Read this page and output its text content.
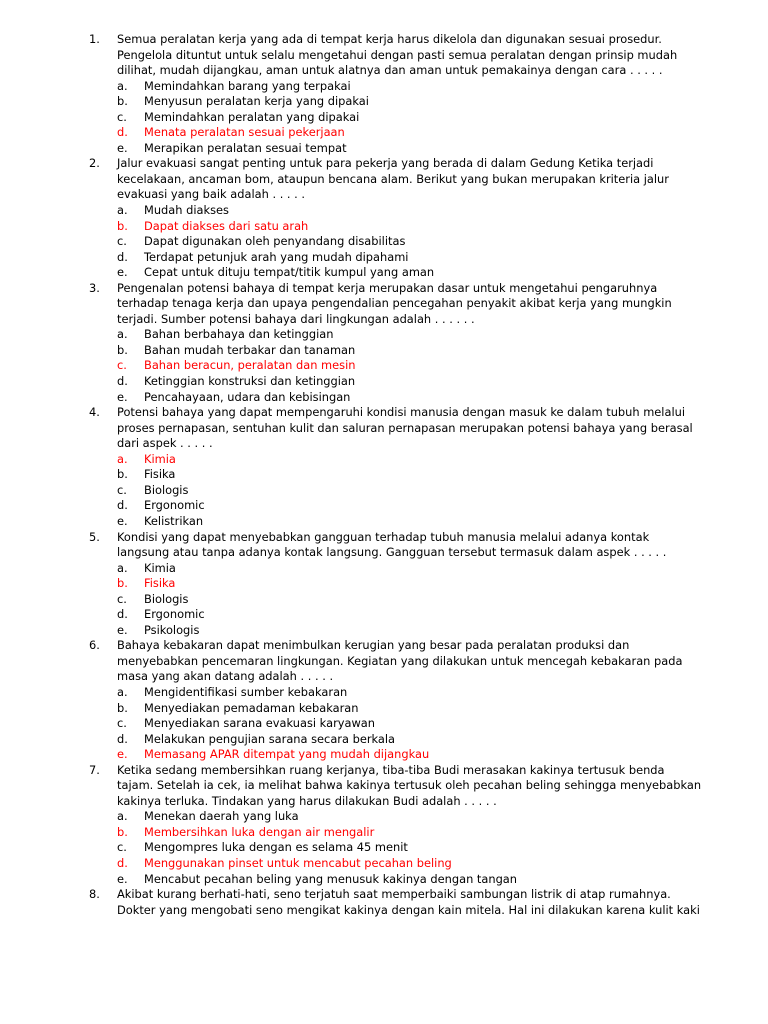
1. Semua peralatan kerja yang ada di tempat kerja harus dikelola dan digunakan sesuai prosedur.
Pengelola dituntut untuk selalu mengetahui dengan pasti semua peralatan dengan prinsip mudah
dilihat, mudah dijangkau, aman untuk alatnya dan aman untuk pemakainya dengan cara . . . . .
a. Memindahkan barang yang terpakai
b. Menyusun peralatan kerja yang dipakai
c. Memindahkan peralatan yang dipakai
d. Menata peralatan sesuai pekerjaan
e. Merapikan peralatan sesuai tempat
2. Jalur evakuasi sangat penting untuk para pekerja yang berada di dalam Gedung Ketika terjadi
kecelakaan, ancaman bom, ataupun bencana alam. Berikut yang bukan merupakan kriteria jalur
evakuasi yang baik adalah . . . . .
a. Mudah diakses
b. Dapat diakses dari satu arah
c. Dapat digunakan oleh penyandang disabilitas
d. Terdapat petunjuk arah yang mudah dipahami
e. Cepat untuk dituju tempat/titik kumpul yang aman
3. Pengenalan potensi bahaya di tempat kerja merupakan dasar untuk mengetahui pengaruhnya
terhadap tenaga kerja dan upaya pengendalian pencegahan penyakit akibat kerja yang mungkin
terjadi. Sumber potensi bahaya dari lingkungan adalah . . . . . .
a. Bahan berbahaya dan ketinggian
b. Bahan mudah terbakar dan tanaman
c. Bahan beracun, peralatan dan mesin
d. Ketinggian konstruksi dan ketinggian
e. Pencahayaan, udara dan kebisingan
4. Potensi bahaya yang dapat mempengaruhi kondisi manusia dengan masuk ke dalam tubuh melalui
proses pernapasan, sentuhan kulit dan saluran pernapasan merupakan potensi bahaya yang berasal
dari aspek . . . . .
a. Kimia
b. Fisika
c. Biologis
d. Ergonomic
e. Kelistrikan
5. Kondisi yang dapat menyebabkan gangguan terhadap tubuh manusia melalui adanya kontak
langsung atau tanpa adanya kontak langsung. Gangguan tersebut termasuk dalam aspek . . . . .
a. Kimia
b. Fisika
c. Biologis
d. Ergonomic
e. Psikologis
6. Bahaya kebakaran dapat menimbulkan kerugian yang besar pada peralatan produksi dan
menyebabkan pencemaran lingkungan. Kegiatan yang dilakukan untuk mencegah kebakaran pada
masa yang akan datang adalah . . . . .
a. Mengidentifikasi sumber kebakaran
b. Menyediakan pemadaman kebakaran
c. Menyediakan sarana evakuasi karyawan
d. Melakukan pengujian sarana secara berkala
e. Memasang APAR ditempat yang mudah dijangkau
7. Ketika sedang membersihkan ruang kerjanya, tiba-tiba Budi merasakan kakinya tertusuk benda
tajam. Setelah ia cek, ia melihat bahwa kakinya tertusuk oleh pecahan beling sehingga menyebabkan
kakinya terluka. Tindakan yang harus dilakukan Budi adalah . . . . .
a. Menekan daerah yang luka
b. Membersihkan luka dengan air mengalir
c. Mengompres luka dengan es selama 45 menit
d. Menggunakan pinset untuk mencabut pecahan beling
e. Mencabut pecahan beling yang menusuk kakinya dengan tangan
8. Akibat kurang berhati-hati, seno terjatuh saat memperbaiki sambungan listrik di atap rumahnya.
Dokter yang mengobati seno mengikat kakinya dengan kain mitela. Hal ini dilakukan karena kulit kaki
